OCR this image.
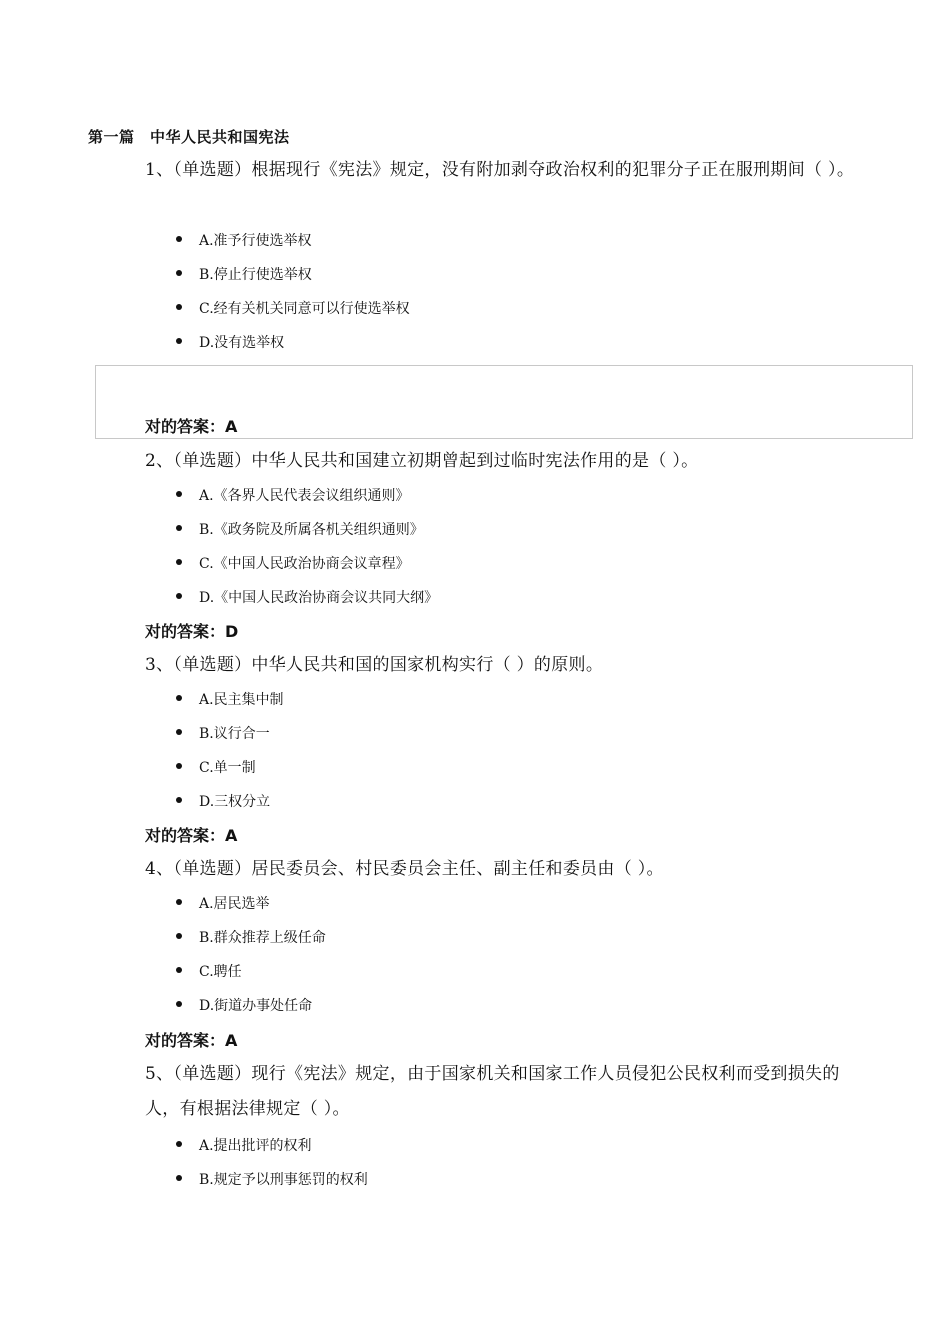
第一篇　中华人民共和国宪法
1、（单选题）根据现行《宪法》规定，没有附加剥夺政治权利的犯罪分子正在服刑期间（ ）。
A.准予行使选举权
B.停止行使选举权
C.经有关机关同意可以行使选举权
D.没有选举权
对的答案：A
2、（单选题）中华人民共和国建立初期曾起到过临时宪法作用的是（ ）。
A.《各界人民代表会议组织通则》
B.《政务院及所属各机关组织通则》
C.《中国人民政治协商会议章程》
D.《中国人民政治协商会议共同大纲》
对的答案：D
3、（单选题）中华人民共和国的国家机构实行（ ）的原则。
A.民主集中制
B.议行合一
C.单一制
D.三权分立
对的答案：A
4、（单选题）居民委员会、村民委员会主任、副主任和委员由（ ）。
A.居民选举
B.群众推荐上级任命
C.聘任
D.街道办事处任命
对的答案：A
5、（单选题）现行《宪法》规定，由于国家机关和国家工作人员侵犯公民权利而受到损失的人，有根据法律规定（ ）。
A.提出批评的权利
B.规定予以刑事惩罚的权利
